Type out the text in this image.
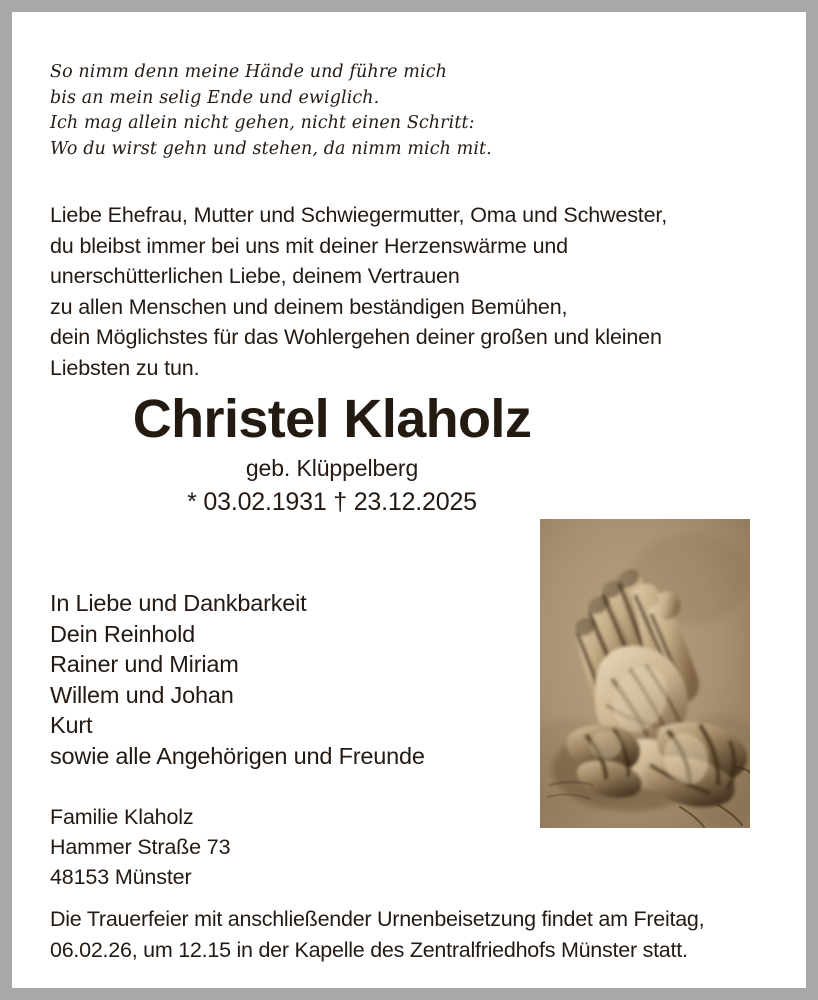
So nimm denn meine Hände und führe mich
bis an mein selig Ende und ewiglich.
Ich mag allein nicht gehen, nicht einen Schritt:
Wo du wirst gehn und stehen, da nimm mich mit.
Liebe Ehefrau, Mutter und Schwiegermutter, Oma und Schwester,
du bleibst immer bei uns mit deiner Herzenswärme und
unerschütterlichen Liebe, deinem Vertrauen
zu allen Menschen und deinem beständigen Bemühen,
dein Möglichstes für das Wohlergehen deiner großen und kleinen
Liebsten zu tun.
Christel Klaholz
geb. Klüppelberg
* 03.02.1931 † 23.12.2025
In Liebe und Dankbarkeit
Dein Reinhold
Rainer und Miriam
Willem und Johan
Kurt
sowie alle Angehörigen und Freunde
Familie Klaholz
Hammer Straße 73
48153 Münster
Die Trauerfeier mit anschließender Urnenbeisetzung findet am Freitag,
06.02.26, um 12.15 in der Kapelle des Zentralfriedhofs Münster statt.
